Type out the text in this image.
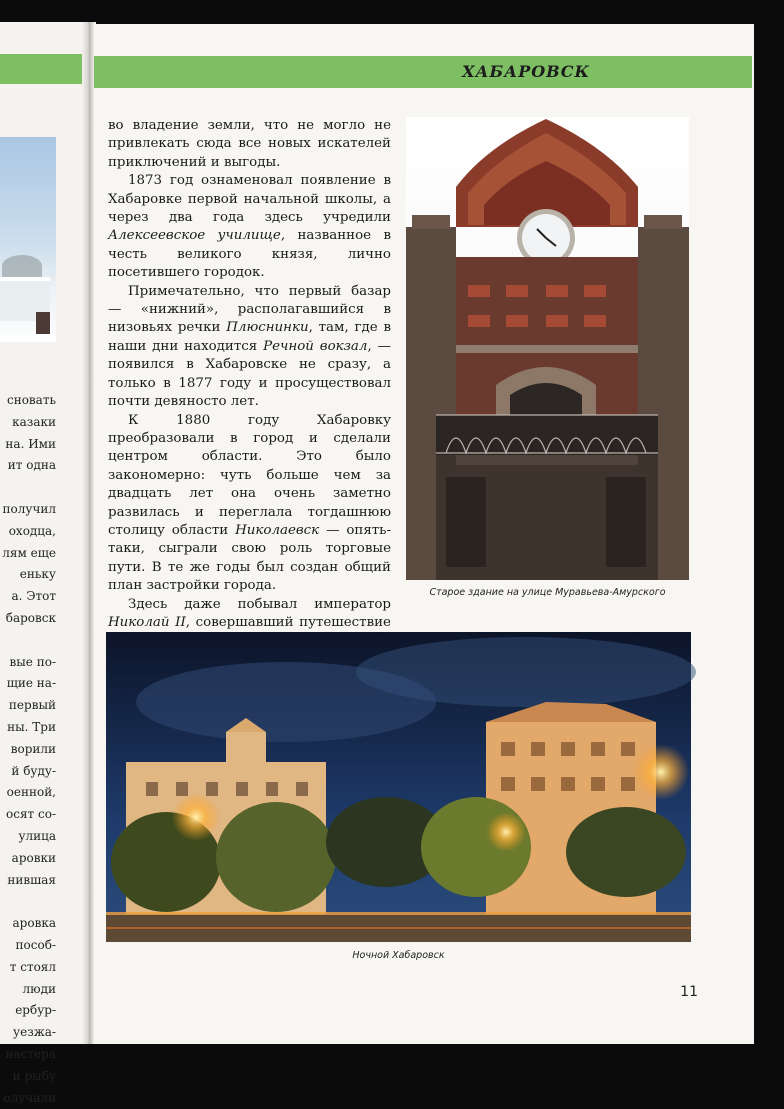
сновать
казаки
на. Ими
ит одна
получил
оходца,
лям еще
еньку
а. Этот
баровск
вые по-
щие на-
первый
ны. Три
ворили
й буду-
оенной,
осят со-
улица
аровки
нившая
аровка
пособ-
т стоял
люди
ербур-
уезжа-
настера
и рыбу
олучали
ХАБАРОВСК

во владение земли, что не могло не привлекать сюда все новых искателей приключений и выгоды.

1873 год ознаменовал появление в Хабаровке первой начальной школы, а через два года здесь учредили Алексеевское училище, названное в честь великого князя, лично посетившего городок.

Примечательно, что первый базар — «нижний», располагавшийся в низовьях речки Плюснинки, там, где в наши дни находится Речной вокзал, — появился в Хабаровске не сразу, а только в 1877 году и просуществовал почти девяносто лет.

К 1880 году Хабаровку преобразовали в город и сделали центром области. Это было закономерно: чуть больше чем за двадцать лет она очень заметно развилась и переглала тогдашнюю столицу области Николаевск — опять-таки, сыграли свою роль торговые пути. В те же годы был создан общий план застройки города.

Здесь даже побывал император Николай II, совершавший путешествие

Старое здание на улице Муравьева-Амурского
Ночной Хабаровск
11
